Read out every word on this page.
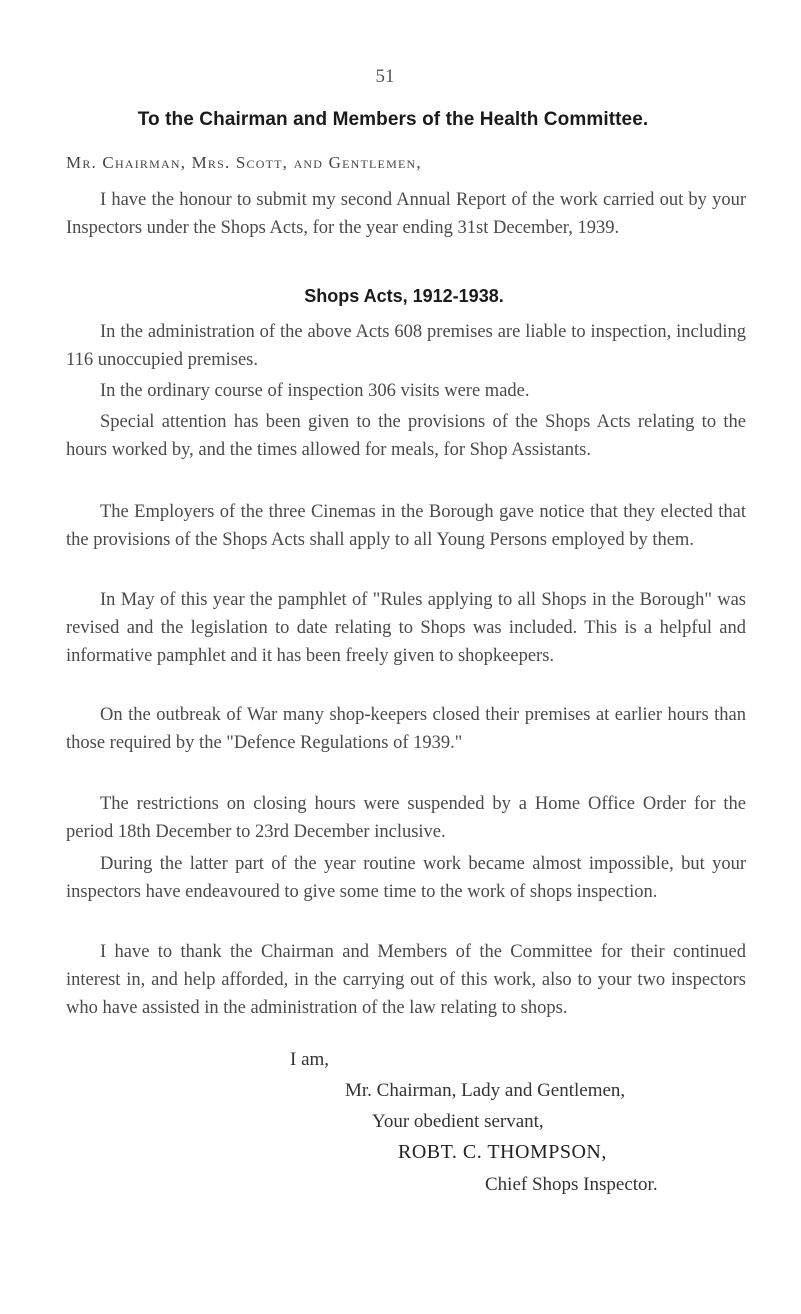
51
To the Chairman and Members of the Health Committee.
Mr. Chairman, Mrs. Scott, and Gentlemen,

I have the honour to submit my second Annual Report of the work carried out by your Inspectors under the Shops Acts, for the year ending 31st December, 1939.

Shops Acts, 1912-1938.

In the administration of the above Acts 608 premises are liable to inspection, including 116 unoccupied premises.

In the ordinary course of inspection 306 visits were made.

Special attention has been given to the provisions of the Shops Acts relating to the hours worked by, and the times allowed for meals, for Shop Assistants.

The Employers of the three Cinemas in the Borough gave notice that they elected that the provisions of the Shops Acts shall apply to all Young Persons employed by them.

In May of this year the pamphlet of "Rules applying to all Shops in the Borough" was revised and the legislation to date relating to Shops was included. This is a helpful and informative pamphlet and it has been freely given to shopkeepers.

On the outbreak of War many shop-keepers closed their premises at earlier hours than those required by the "Defence Regulations of 1939."

The restrictions on closing hours were suspended by a Home Office Order for the period 18th December to 23rd December inclusive.

During the latter part of the year routine work became almost impossible, but your inspectors have endeavoured to give some time to the work of shops inspection.

I have to thank the Chairman and Members of the Committee for their continued interest in, and help afforded, in the carrying out of this work, also to your two inspectors who have assisted in the administration of the law relating to shops.

I am,
Mr. Chairman, Lady and Gentlemen,
Your obedient servant,
ROBT. C. THOMPSON,
Chief Shops Inspector.
